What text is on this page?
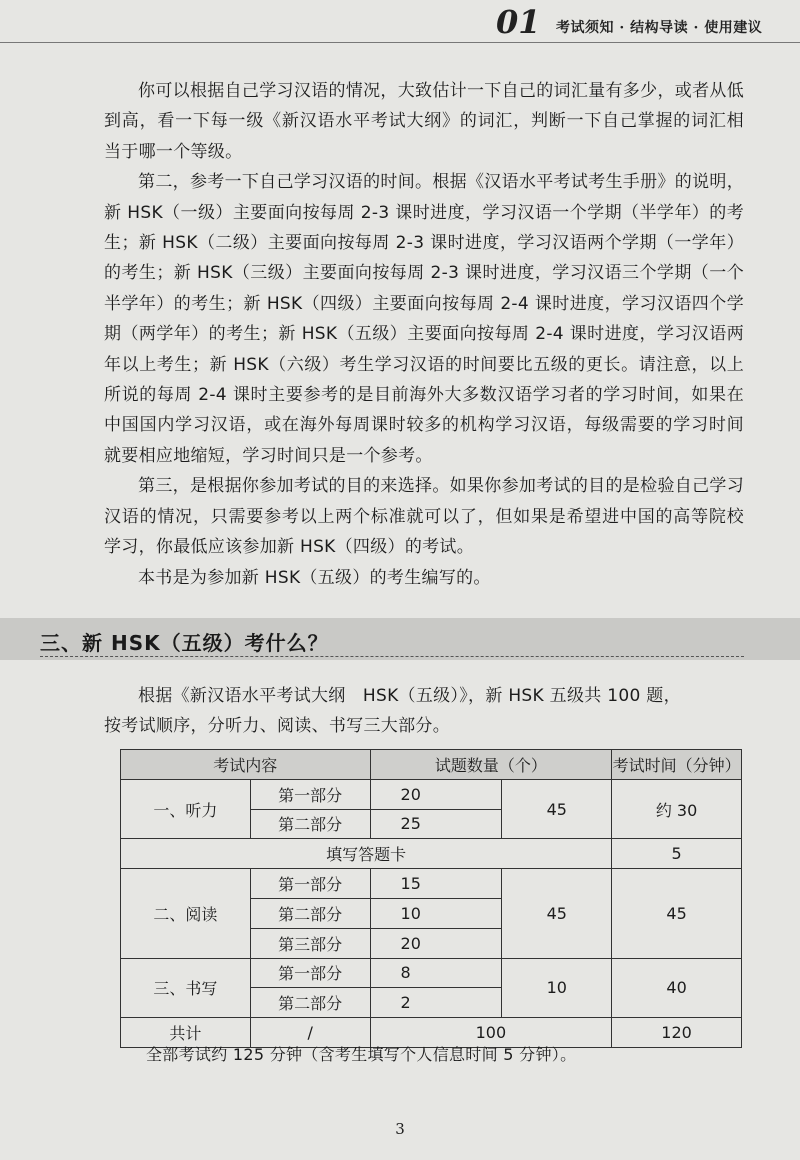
01 考试须知 · 结构导读 · 使用建议

你可以根据自己学习汉语的情况，大致估计一下自己的词汇量有多少，或者从低到高，看一下每一级《新汉语水平考试大纲》的词汇，判断一下自己掌握的词汇相当于哪一个等级。

第二，参考一下自己学习汉语的时间。根据《汉语水平考试考生手册》的说明，新 HSK（一级）主要面向按每周 2-3 课时进度，学习汉语一个学期（半学年）的考生；新 HSK（二级）主要面向按每周 2-3 课时进度，学习汉语两个学期（一学年）的考生；新 HSK（三级）主要面向按每周 2-3 课时进度，学习汉语三个学期（一个半学年）的考生；新 HSK（四级）主要面向按每周 2-4 课时进度，学习汉语四个学期（两学年）的考生；新 HSK（五级）主要面向按每周 2-4 课时进度，学习汉语两年以上考生；新 HSK（六级）考生学习汉语的时间要比五级的更长。请注意，以上所说的每周 2-4 课时主要参考的是目前海外大多数汉语学习者的学习时间，如果在中国国内学习汉语，或在海外每周课时较多的机构学习汉语，每级需要的学习时间就要相应地缩短，学习时间只是一个参考。

第三，是根据你参加考试的目的来选择。如果你参加考试的目的是检验自己学习汉语的情况，只需要参考以上两个标准就可以了，但如果是希望进中国的高等院校学习，你最低应该参加新 HSK（四级）的考试。

本书是为参加新 HSK（五级）的考生编写的。

三、新 HSK（五级）考什么？

根据《新汉语水平考试大纲　HSK（五级）》，新 HSK 五级共 100 题，

按考试顺序，分听力、阅读、书写三大部分。

考试内容		试题数量（个）		考试时间（分钟）
一、听力	第一部分	20	45	约 30
	第二部分	25		
填写答题卡				5
二、阅读	第一部分	15	45	45
	第二部分	10		
	第三部分	20		
三、书写	第一部分	8	10	40
	第二部分	2		
共计	/	100		120
全部考试约 125 分钟（含考生填写个人信息时间 5 分钟）。
3
